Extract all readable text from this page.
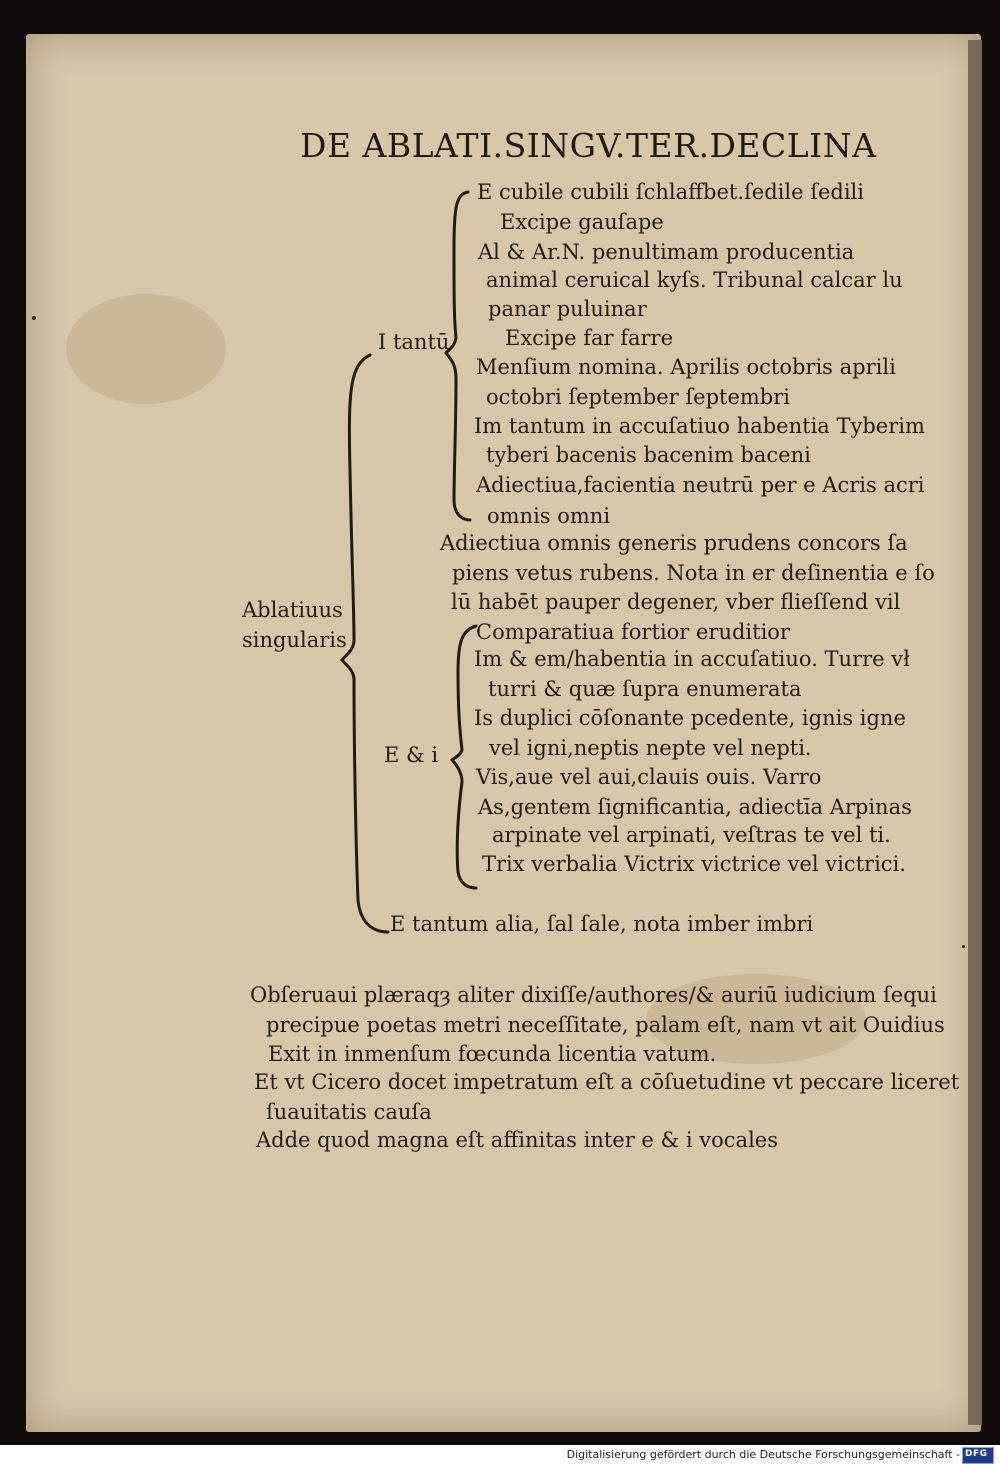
DE ABLATI.SINGV.TER.DECLINA
I tantū
Ablatiuus
singularis
E & i
E cubile cubili ſchlaffbet.ſedile ſedili
Excipe gauſape
Al & Ar.N. penultimam producentia
animal ceruical kyſs. Tribunal calcar lu
panar puluinar
Excipe far farre
Menſium nomina. Aprilis octobris aprili
octobri ſeptember ſeptembri
Im tantum in accuſatiuo habentia Tyberim
tyberi bacenis bacenim baceni
Adiectiua,facientia neutrū per e Acris acri
omnis omni
Adiectiua omnis generis prudens concors ſa
piens vetus rubens. Nota in er deſinentia e ſo
lū habēt pauper degener, vber flieſſend vil
Comparatiua fortior eruditior
Im & em/habentia in accuſatiuo. Turre vł
turri & quæ ſupra enumerata
Is duplici cōſonante pcedente, ignis igne
vel igni,neptis nepte vel nepti.
Vis,aue vel aui,clauis ouis. Varro
As,gentem ſignificantia, adiectīa Arpinas
arpinate vel arpinati, veſtras te vel ti.
Trix verbalia Victrix victrice vel victrici.
E tantum alia, ſal ſale, nota imber imbri
Obſeruaui plæraqȝ aliter dixiſſe/authores/& auriū iudicium ſequi
precipue poetas metri neceſſitate, palam eſt, nam vt ait Ouidius
Exit in inmenſum fœcunda licentia vatum.
Et vt Cicero docet impetratum eſt a cōſuetudine vt peccare liceret
ſuauitatis cauſa
Adde quod magna eſt affinitas inter e & i vocales
Digitalisierung gefördert durch die Deutsche Forschungsgemeinschaft - DFG
